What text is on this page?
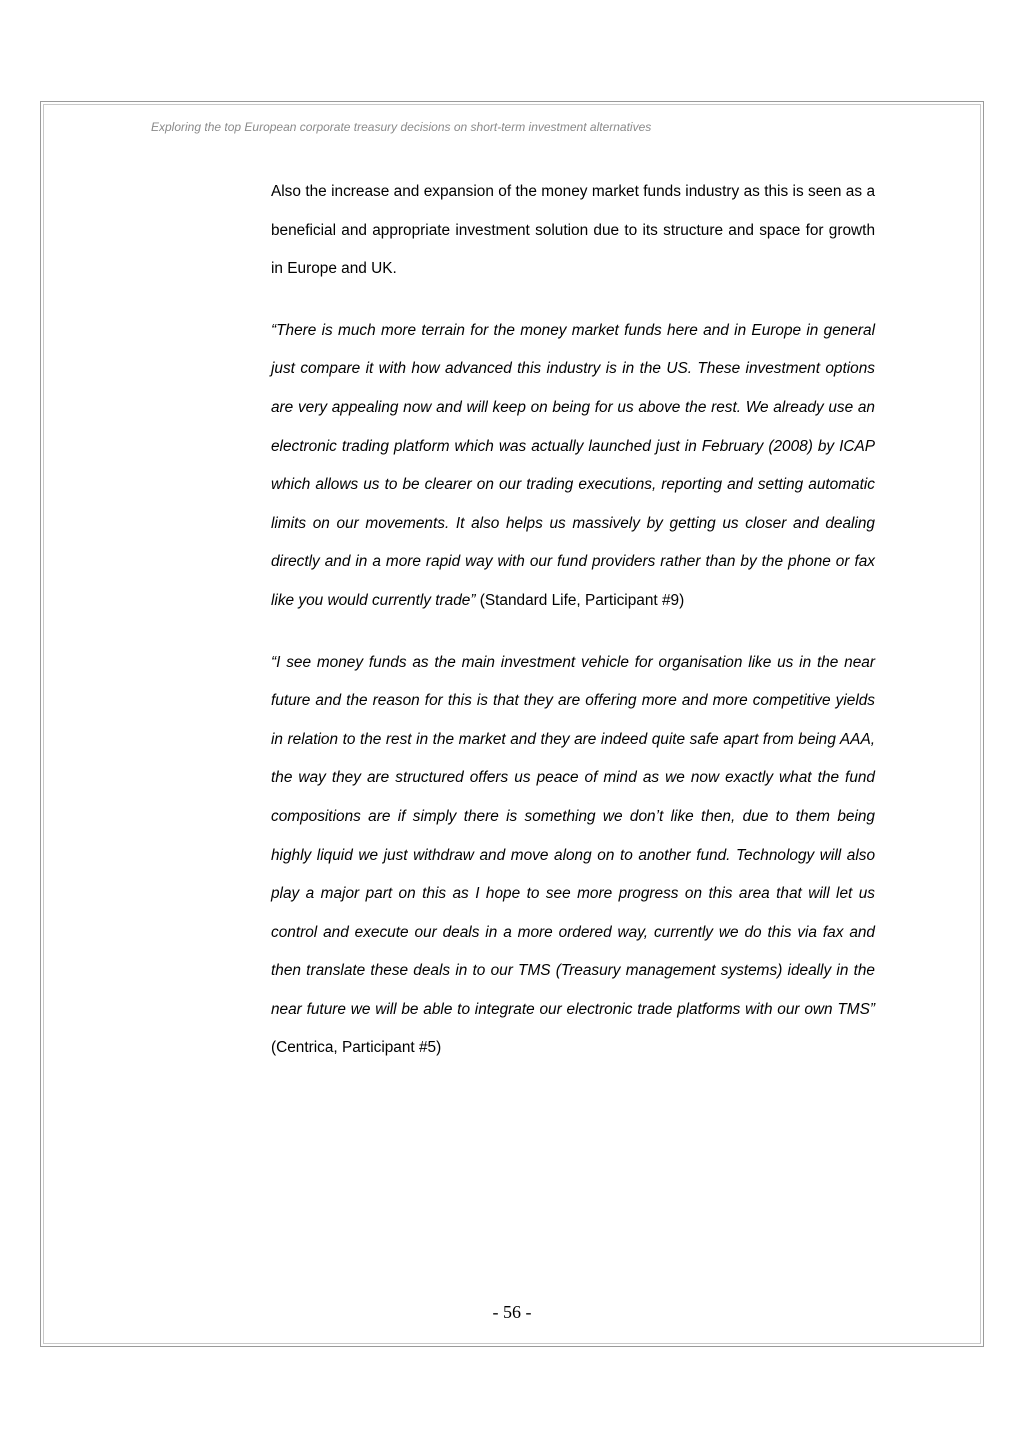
Exploring the top European corporate treasury decisions on short-term investment alternatives

Also the increase and expansion of the money market funds industry as this is seen as a beneficial and appropriate investment solution due to its structure and space for growth in Europe and UK.

“There is much more terrain for the money market funds here and in Europe in general just compare it with how advanced this industry is in the US. These investment options are very appealing now and will keep on being for us above the rest. We already use an electronic trading platform which was actually launched just in February (2008) by ICAP which allows us to be clearer on our trading executions, reporting and setting automatic limits on our movements. It also helps us massively by getting us closer and dealing directly and in a more rapid way with our fund providers rather than by the phone or fax like you would currently trade” (Standard Life, Participant #9)

“I see money funds as the main investment vehicle for organisation like us in the near future and the reason for this is that they are offering more and more competitive yields in relation to the rest in the market and they are indeed quite safe apart from being AAA, the way they are structured offers us peace of mind as we now exactly what the fund compositions are if simply there is something we don’t like then, due to them being highly liquid we just withdraw and move along on to another fund. Technology will also play a major part on this as I hope to see more progress on this area that will let us control and execute our deals in a more ordered way, currently we do this via fax and then translate these deals in to our TMS (Treasury management systems) ideally in the near future we will be able to integrate our electronic trade platforms with our own TMS” (Centrica, Participant #5)

- 56 -
